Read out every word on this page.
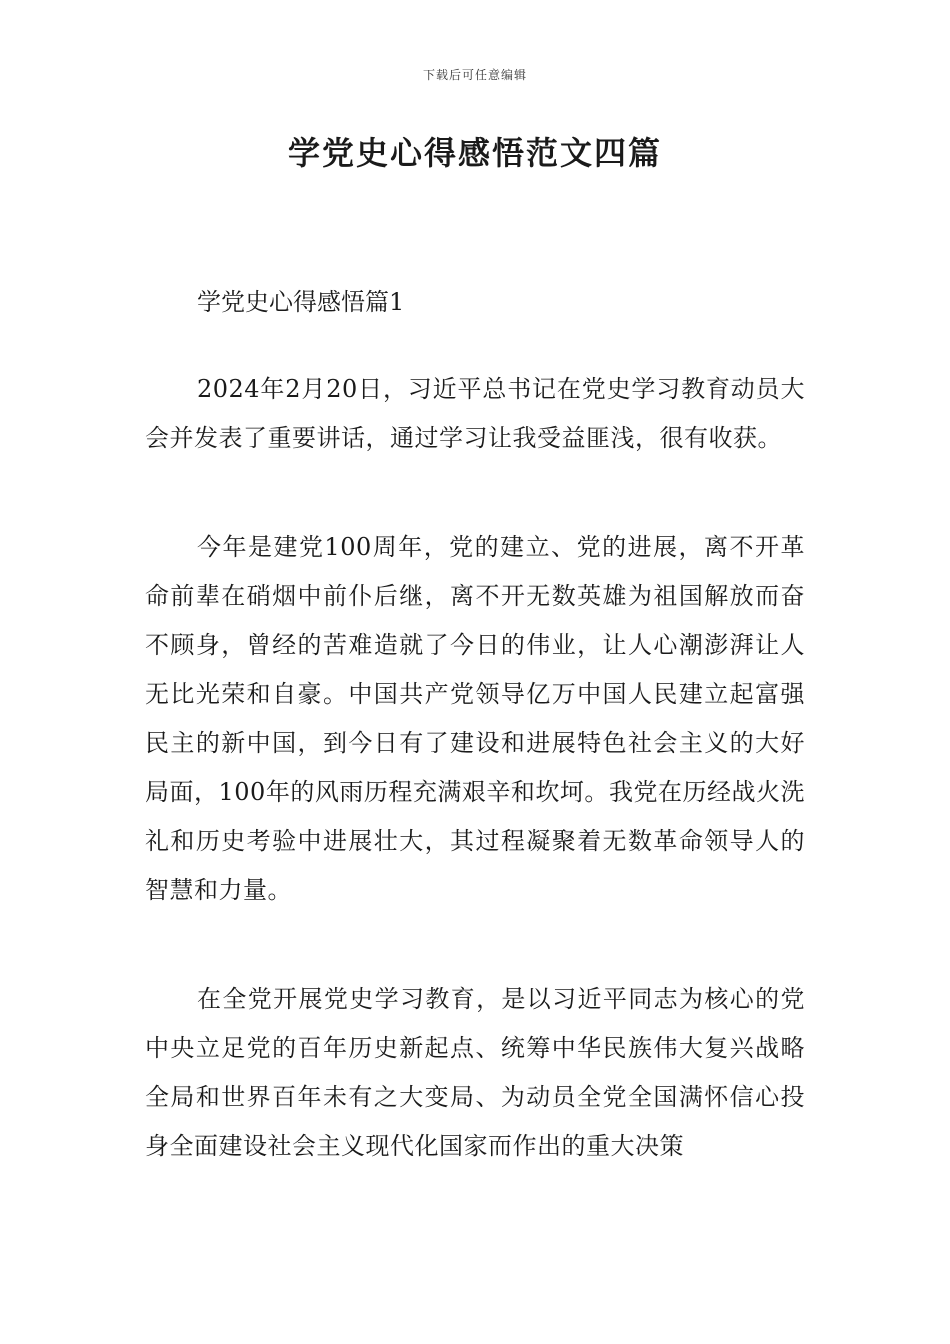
下载后可任意编辑
学党史心得感悟范文四篇

学党史心得感悟篇1

2024年2月20日，习近平总书记在党史学习教育动员大会并发表了重要讲话，通过学习让我受益匪浅，很有收获。

今年是建党100周年，党的建立、党的进展，离不开革命前辈在硝烟中前仆后继，离不开无数英雄为祖国解放而奋不顾身，曾经的苦难造就了今日的伟业，让人心潮澎湃让人无比光荣和自豪。中国共产党领导亿万中国人民建立起富强民主的新中国，到今日有了建设和进展特色社会主义的大好局面，100年的风雨历程充满艰辛和坎坷。我党在历经战火洗礼和历史考验中进展壮大，其过程凝聚着无数革命领导人的智慧和力量。

在全党开展党史学习教育，是以习近平同志为核心的党中央立足党的百年历史新起点、统筹中华民族伟大复兴战略全局和世界百年未有之大变局、为动员全党全国满怀信心投身全面建设社会主义现代化国家而作出的重大决策
